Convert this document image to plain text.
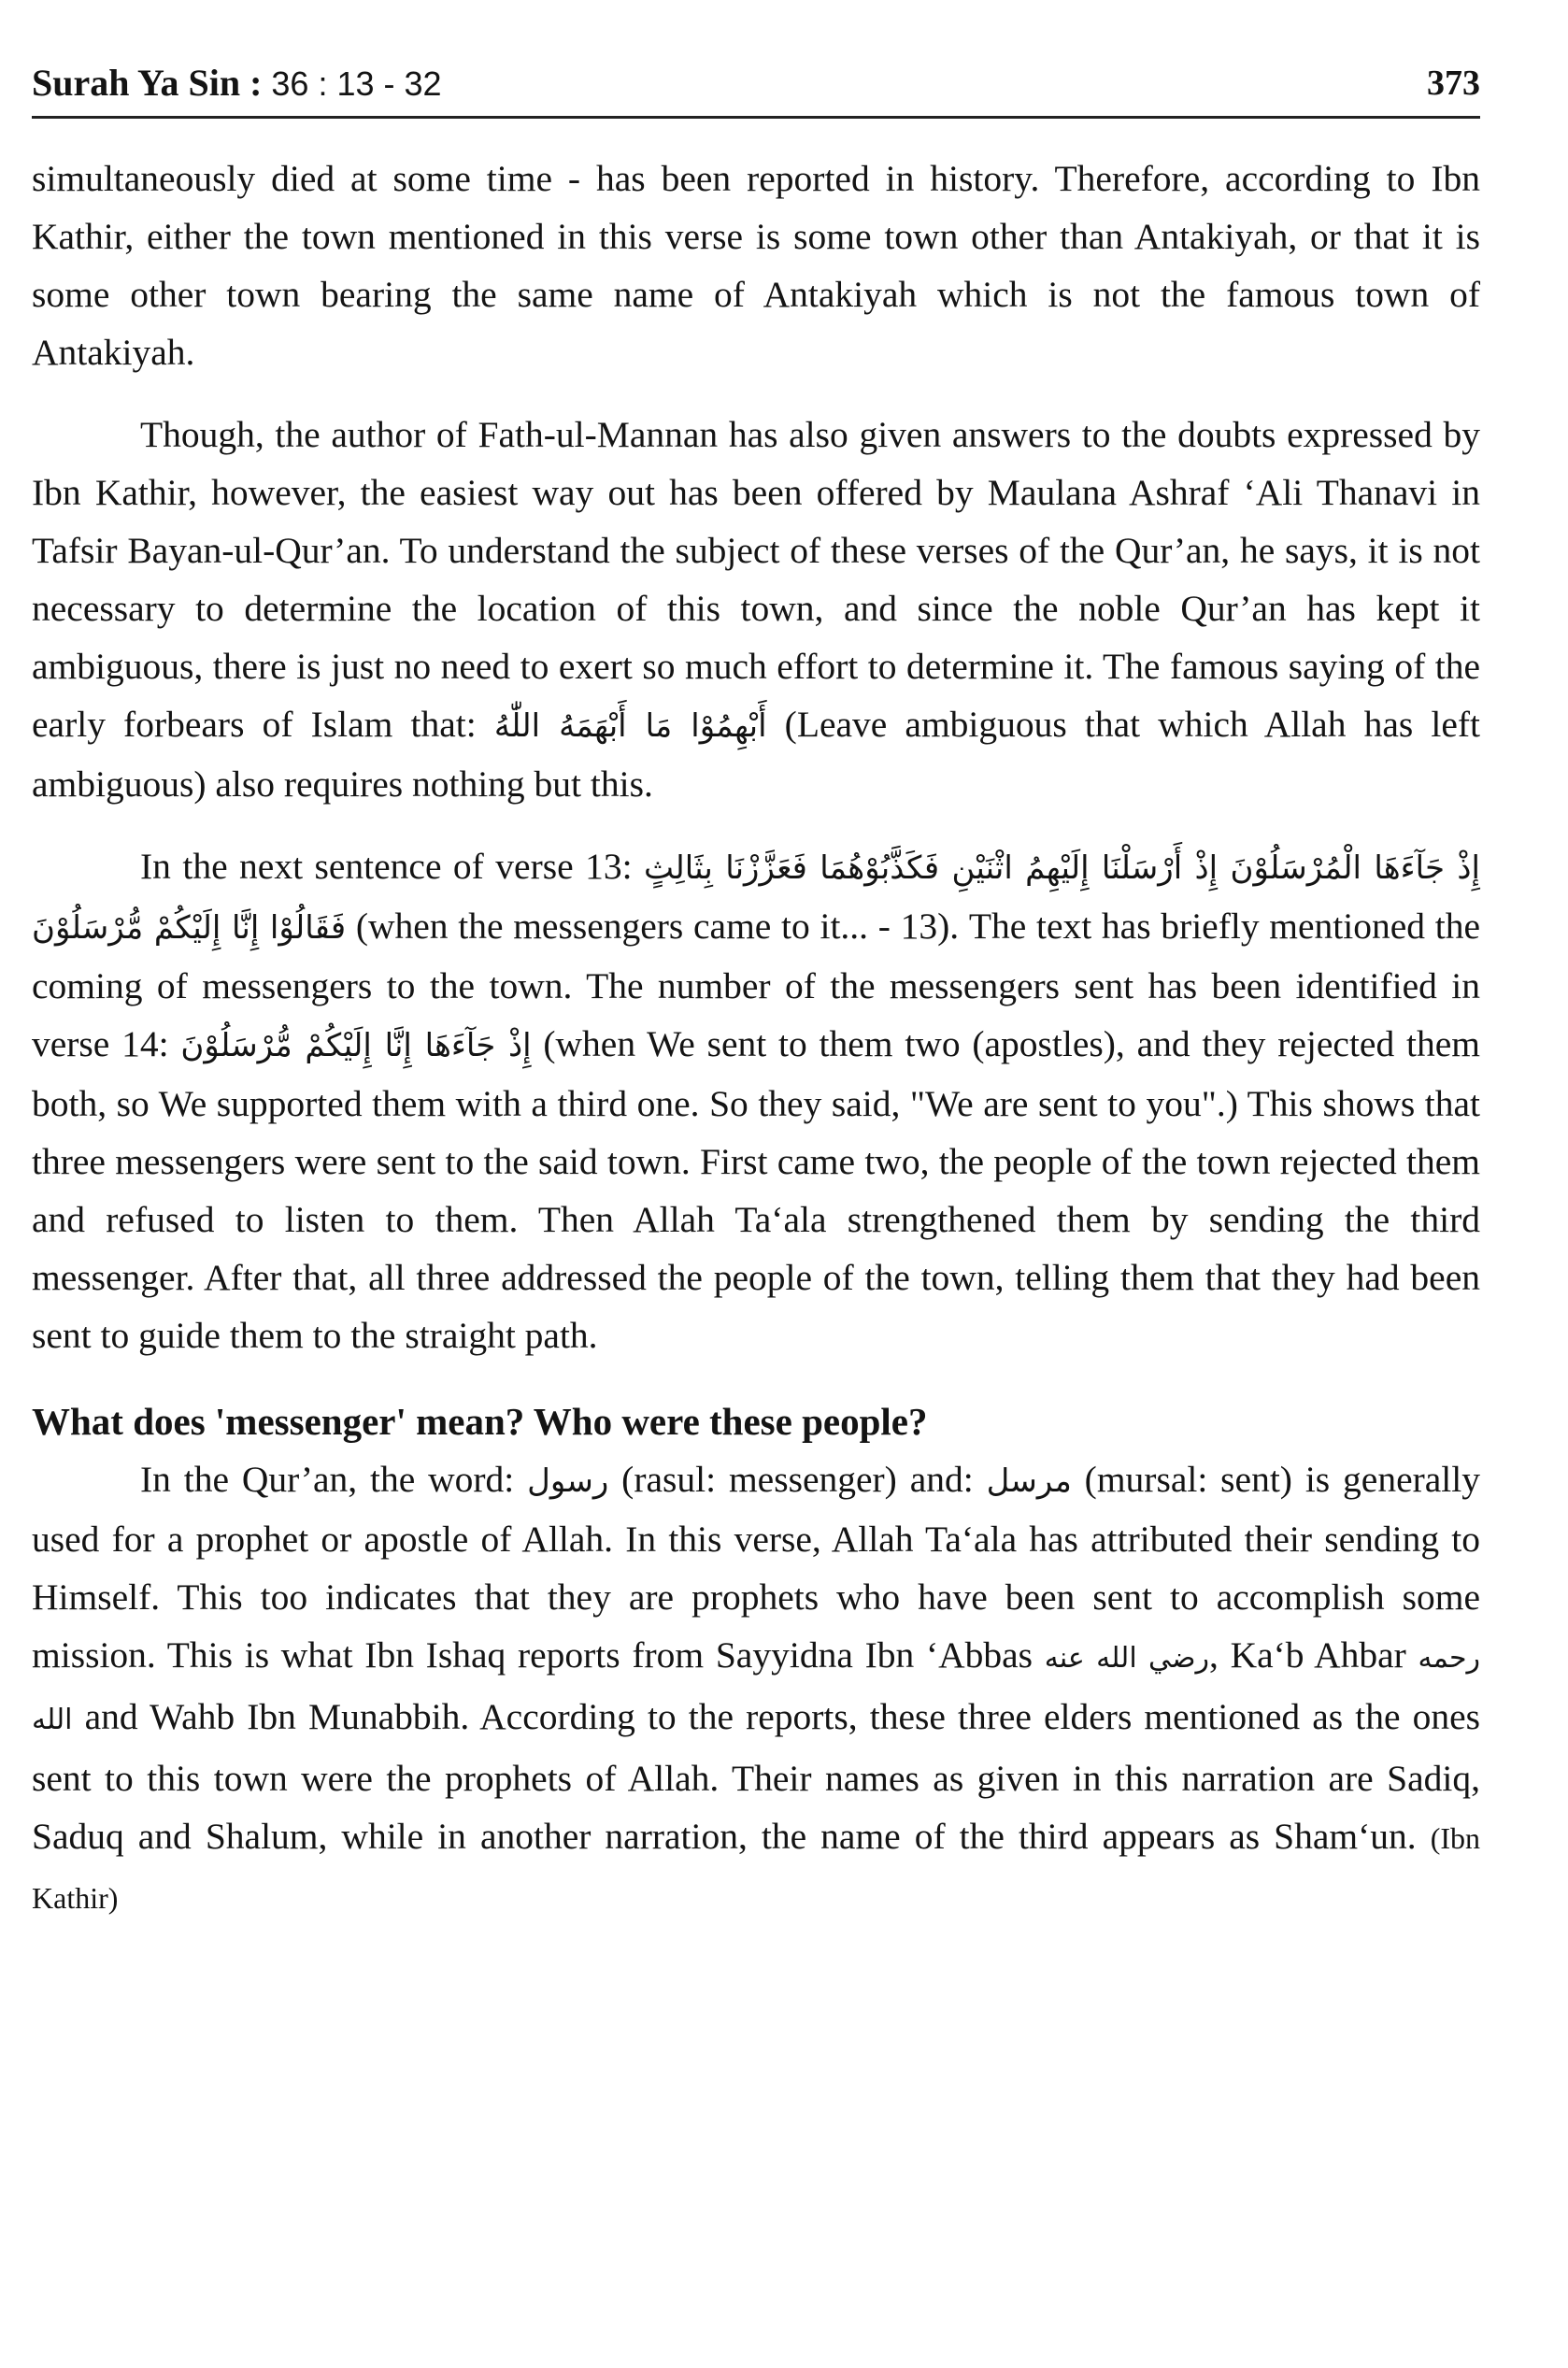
Surah Ya Sin : 36 : 13 - 32	373

simultaneously died at some time - has been reported in history. Therefore, according to Ibn Kathir, either the town mentioned in this verse is some town other than Antakiyah, or that it is some other town bearing the same name of Antakiyah which is not the famous town of Antakiyah.

Though, the author of Fath-ul-Mannan has also given answers to the doubts expressed by Ibn Kathir, however, the easiest way out has been offered by Maulana Ashraf ‘Ali Thanavi in Tafsir Bayan-ul-Qur’an. To understand the subject of these verses of the Qur’an, he says, it is not necessary to determine the location of this town, and since the noble Qur’an has kept it ambiguous, there is just no need to exert so much effort to determine it. The famous saying of the early forbears of Islam that: أَبْهِمُوْا مَا أَبْهَمَهُ اللّٰهُ (Leave ambiguous that which Allah has left ambiguous) also requires nothing but this.

In the next sentence of verse 13: إِذْ جَآءَهَا الْمُرْسَلُوْنَ إِذْ أَرْسَلْنَا إِلَيْهِمُ اثْنَيْنِ فَكَذَّبُوْهُمَا فَعَزَّزْنَا بِثَالِثٍ فَقَالُوْا إِنَّا إِلَيْكُمْ مُّرْسَلُوْنَ (when the messengers came to it... - 13). The text has briefly mentioned the coming of messengers to the town. The number of the messengers sent has been identified in verse 14: إِذْ جَآءَهَا إِنَّا إِلَيْكُمْ مُّرْسَلُوْنَ (when We sent to them two (apostles), and they rejected them both, so We supported them with a third one. So they said, "We are sent to you".) This shows that three messengers were sent to the said town. First came two, the people of the town rejected them and refused to listen to them. Then Allah Ta‘ala strengthened them by sending the third messenger. After that, all three addressed the people of the town, telling them that they had been sent to guide them to the straight path.

What does 'messenger' mean? Who were these people?

In the Qur’an, the word: رسول (rasul: messenger) and: مرسل (mursal: sent) is generally used for a prophet or apostle of Allah. In this verse, Allah Ta‘ala has attributed their sending to Himself. This too indicates that they are prophets who have been sent to accomplish some mission. This is what Ibn Ishaq reports from Sayyidna Ibn ‘Abbas رضي الله عنه, Ka‘b Ahbar رحمه الله and Wahb Ibn Munabbih. According to the reports, these three elders mentioned as the ones sent to this town were the prophets of Allah. Their names as given in this narration are Sadiq, Saduq and Shalum, while in another narration, the name of the third appears as Sham‘un. (Ibn Kathir)
